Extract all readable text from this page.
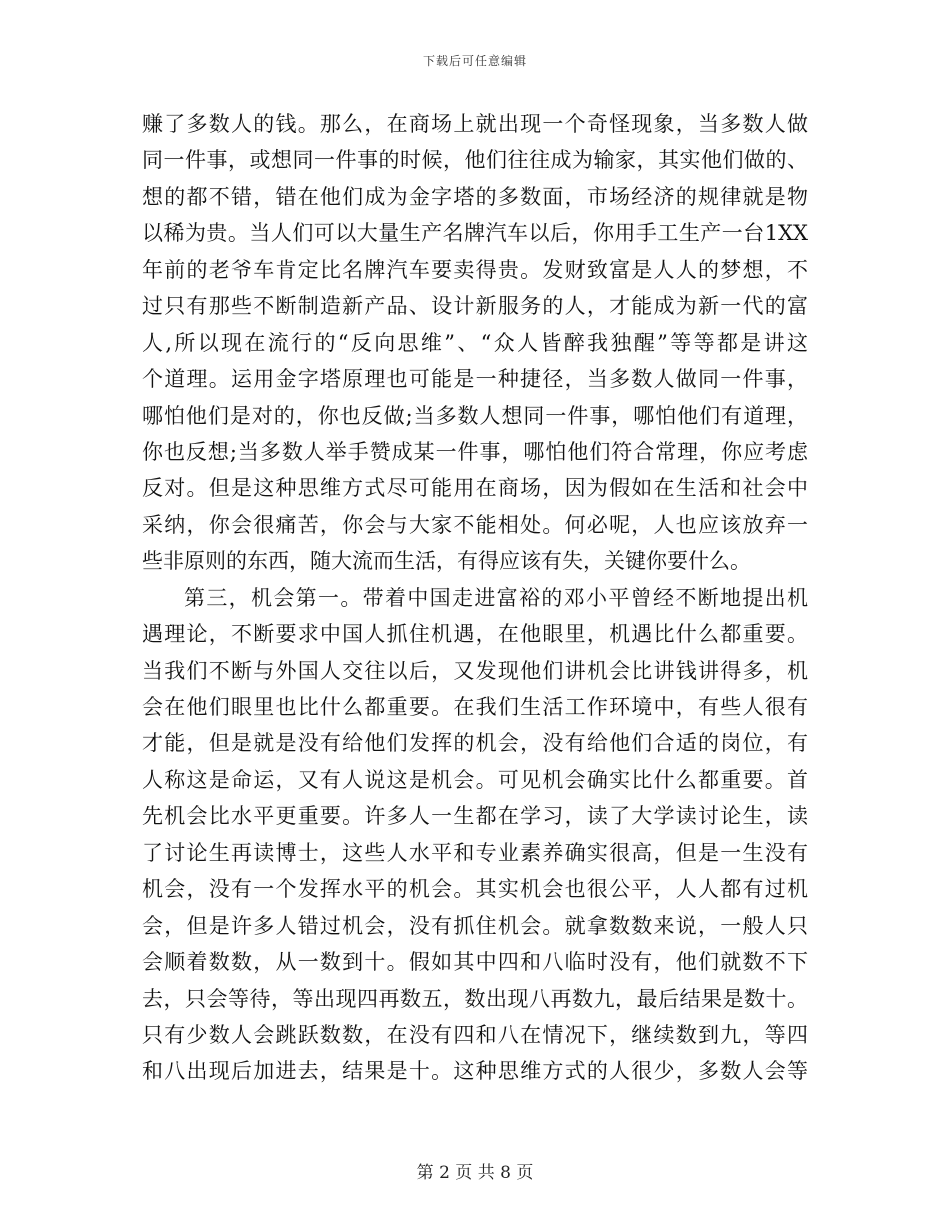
下载后可任意编辑
赚了多数人的钱。那么，在商场上就出现一个奇怪现象，当多数人做
同一件事，或想同一件事的时候，他们往往成为输家，其实他们做的、
想的都不错，错在他们成为金字塔的多数面，市场经济的规律就是物
以稀为贵。当人们可以大量生产名牌汽车以后，你用手工生产一台1XX
年前的老爷车肯定比名牌汽车要卖得贵。发财致富是人人的梦想，不
过只有那些不断制造新产品、设计新服务的人，才能成为新一代的富
人,所以现在流行的“反向思维”、“众人皆醉我独醒”等等都是讲这
个道理。运用金字塔原理也可能是一种捷径，当多数人做同一件事，
哪怕他们是对的，你也反做;当多数人想同一件事，哪怕他们有道理，
你也反想;当多数人举手赞成某一件事，哪怕他们符合常理，你应考虑
反对。但是这种思维方式尽可能用在商场，因为假如在生活和社会中
采纳，你会很痛苦，你会与大家不能相处。何必呢，人也应该放弃一
些非原则的东西，随大流而生活，有得应该有失，关键你要什么。
第三，机会第一。带着中国走进富裕的邓小平曾经不断地提出机
遇理论，不断要求中国人抓住机遇，在他眼里，机遇比什么都重要。
当我们不断与外国人交往以后，又发现他们讲机会比讲钱讲得多，机
会在他们眼里也比什么都重要。在我们生活工作环境中，有些人很有
才能，但是就是没有给他们发挥的机会，没有给他们合适的岗位，有
人称这是命运，又有人说这是机会。可见机会确实比什么都重要。首
先机会比水平更重要。许多人一生都在学习，读了大学读讨论生，读
了讨论生再读博士，这些人水平和专业素养确实很高，但是一生没有
机会，没有一个发挥水平的机会。其实机会也很公平，人人都有过机
会，但是许多人错过机会，没有抓住机会。就拿数数来说，一般人只
会顺着数数，从一数到十。假如其中四和八临时没有，他们就数不下
去，只会等待，等出现四再数五，数出现八再数九，最后结果是数十。
只有少数人会跳跃数数，在没有四和八在情况下，继续数到九，等四
和八出现后加进去，结果是十。这种思维方式的人很少，多数人会等
第 2 页 共 8 页
